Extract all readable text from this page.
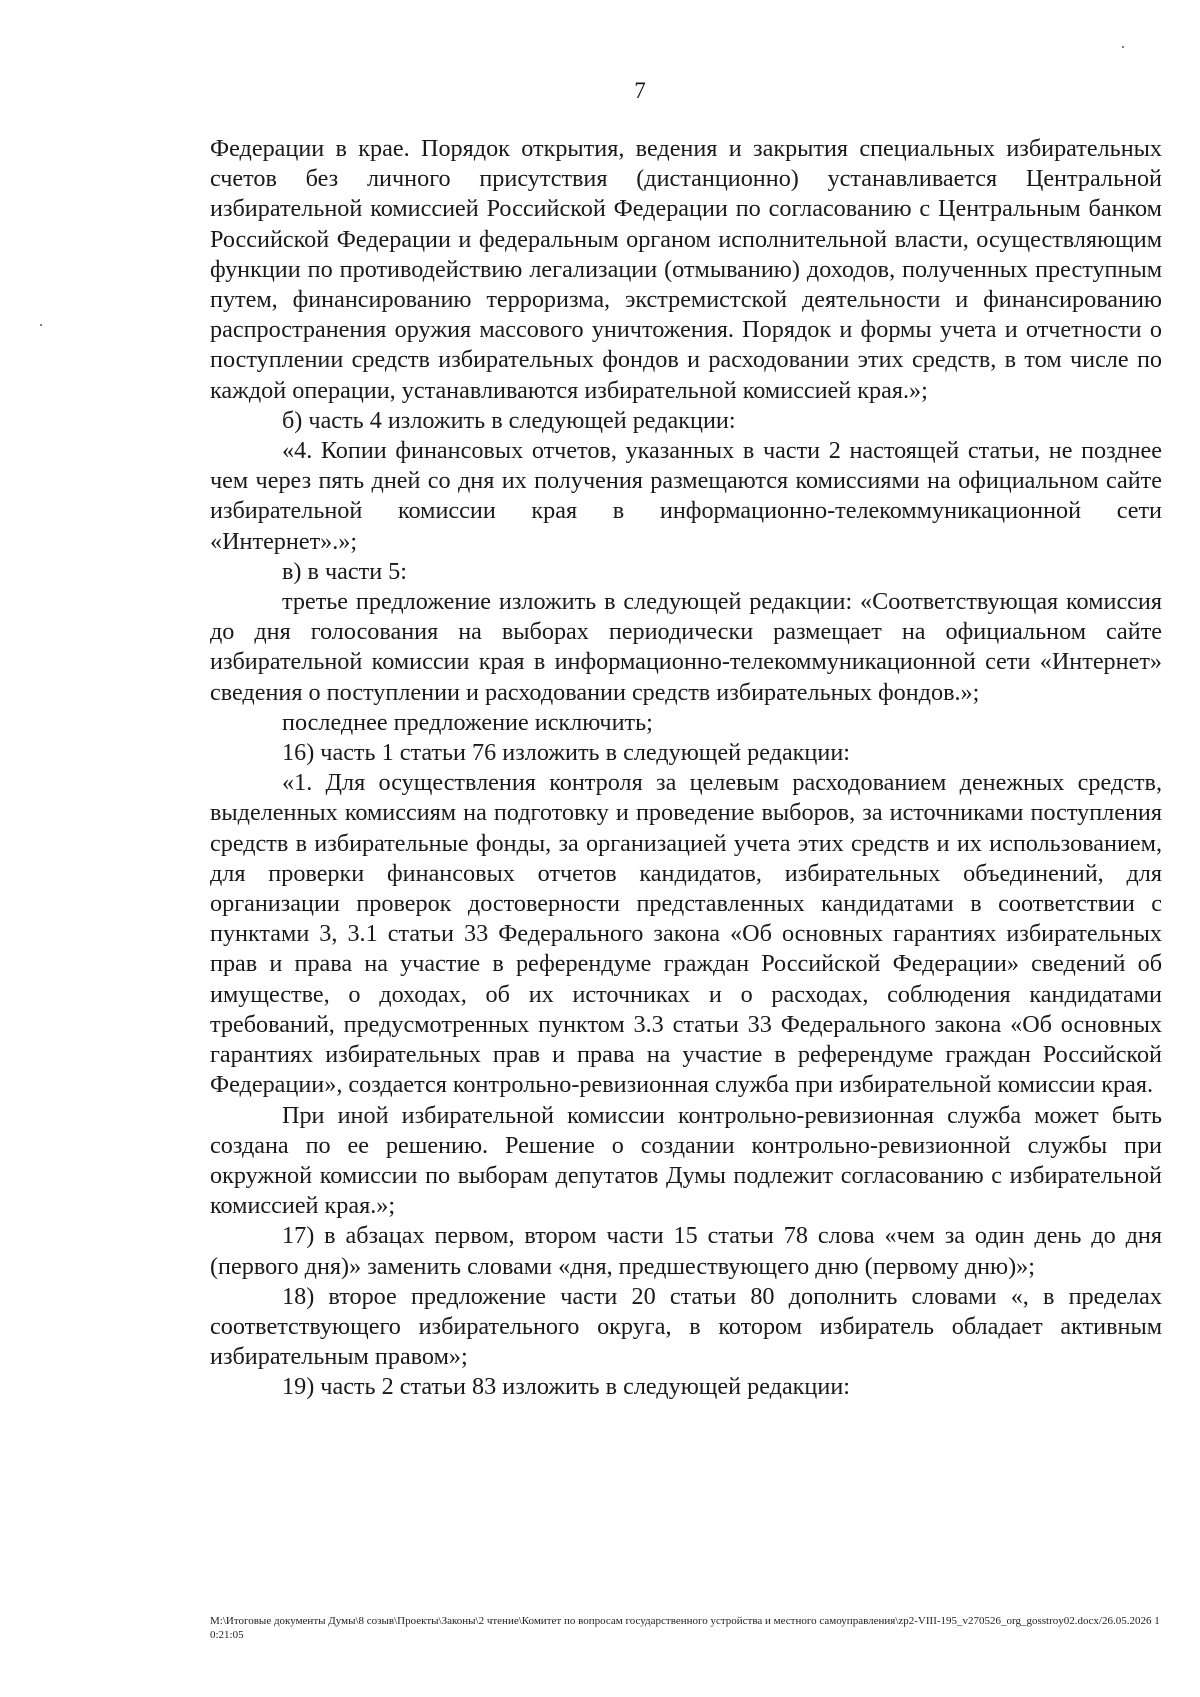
7

Федерации в крае. Порядок открытия, ведения и закрытия специальных избирательных счетов без личного присутствия (дистанционно) устанавливается Центральной избирательной комиссией Российской Федерации по согласованию с Центральным банком Российской Федерации и федеральным органом исполнительной власти, осуществляющим функции по противодействию легализации (отмыванию) доходов, полученных преступным путем, финансированию терроризма, экстремистской деятельности и финансированию распространения оружия массового уничтожения. Порядок и формы учета и отчетности о поступлении средств избирательных фондов и расходовании этих средств, в том числе по каждой операции, устанавливаются избирательной комиссией края.»;

б) часть 4 изложить в следующей редакции:

«4. Копии финансовых отчетов, указанных в части 2 настоящей статьи, не позднее чем через пять дней со дня их получения размещаются комиссиями на официальном сайте избирательной комиссии края в информационно-телекоммуникационной сети «Интернет».»;

в) в части 5:

третье предложение изложить в следующей редакции: «Соответствующая комиссия до дня голосования на выборах периодически размещает на официальном сайте избирательной комиссии края в информационно-телекоммуникационной сети «Интернет» сведения о поступлении и расходовании средств избирательных фондов.»;

последнее предложение исключить;

16) часть 1 статьи 76 изложить в следующей редакции:

«1. Для осуществления контроля за целевым расходованием денежных средств, выделенных комиссиям на подготовку и проведение выборов, за источниками поступления средств в избирательные фонды, за организацией учета этих средств и их использованием, для проверки финансовых отчетов кандидатов, избирательных объединений, для организации проверок достоверности представленных кандидатами в соответствии с пунктами 3, 3.1 статьи 33 Федерального закона «Об основных гарантиях избирательных прав и права на участие в референдуме граждан Российской Федерации» сведений об имуществе, о доходах, об их источниках и о расходах, соблюдения кандидатами требований, предусмотренных пунктом 3.3 статьи 33 Федерального закона «Об основных гарантиях избирательных прав и права на участие в референдуме граждан Российской Федерации», создается контрольно-ревизионная служба при избирательной комиссии края.

При иной избирательной комиссии контрольно-ревизионная служба может быть создана по ее решению. Решение о создании контрольно-ревизионной службы при окружной комиссии по выборам депутатов Думы подлежит согласованию с избирательной комиссией края.»;

17) в абзацах первом, втором части 15 статьи 78 слова «чем за один день до дня (первого дня)» заменить словами «дня, предшествующего дню (первому дню)»;

18) второе предложение части 20 статьи 80 дополнить словами «, в пределах соответствующего избирательного округа, в котором избиратель обладает активным избирательным правом»;

19) часть 2 статьи 83 изложить в следующей редакции:

M:\Итоговые документы Думы\8 созыв\Проекты\Законы\2 чтение\Комитет по вопросам государственного устройства и местного самоуправления\zp2-VIII-195_v270526_org_gosstroy02.docx/26.05.2026 10:21:05
